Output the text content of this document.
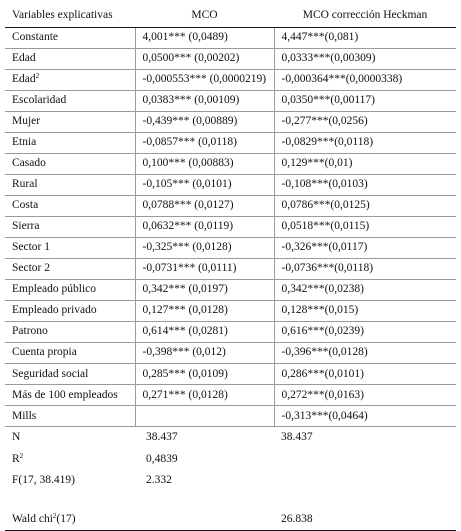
Variables explicativas	MCO	MCO corrección Heckman
Constante	4,001*** (0,0489)	4,447***(0,081)
Edad	0,0500*** (0,00202)	0,0333***(0,00309)
Edad$^2$	-0,000553*** (0,0000219)	-0,000364***(0,0000338)
Escolaridad	0,0383*** (0,00109)	0,0350***(0,00117)
Mujer	-0,439*** (0,00889)	-0,277***(0,0256)
Etnia	-0,0857*** (0,0118)	-0,0829***(0,0118)
Casado	0,100*** (0,00883)	0,129***(0,01)
Rural	-0,105*** (0,0101)	-0,108***(0,0103)
Costa	0,0788*** (0,0127)	0,0786***(0,0125)
Sierra	0,0632*** (0,0119)	0,0518***(0,0115)
Sector 1	-0,325*** (0,0128)	-0,326***(0,0117)
Sector 2	-0,0731*** (0,0111)	-0,0736***(0,0118)
Empleado público	0,342*** (0,0197)	0,342***(0,0238)
Empleado privado	0,127*** (0,0128)	0,128***(0,015)
Patrono	0,614*** (0,0281)	0,616***(0,0239)
Cuenta propia	-0,398*** (0,012)	-0,396***(0,0128)
Seguridad social	0,285*** (0,0109)	0,286***(0,0101)
Más de 100 empleados	0,271*** (0,0128)	0,272***(0,0163)
Mills		-0,313***(0,0464)
N	38.437	38.437
$R^2$	0,4839	
F(17, 38.419)	2.332	

Wald chi$^2$(17)		26.838
